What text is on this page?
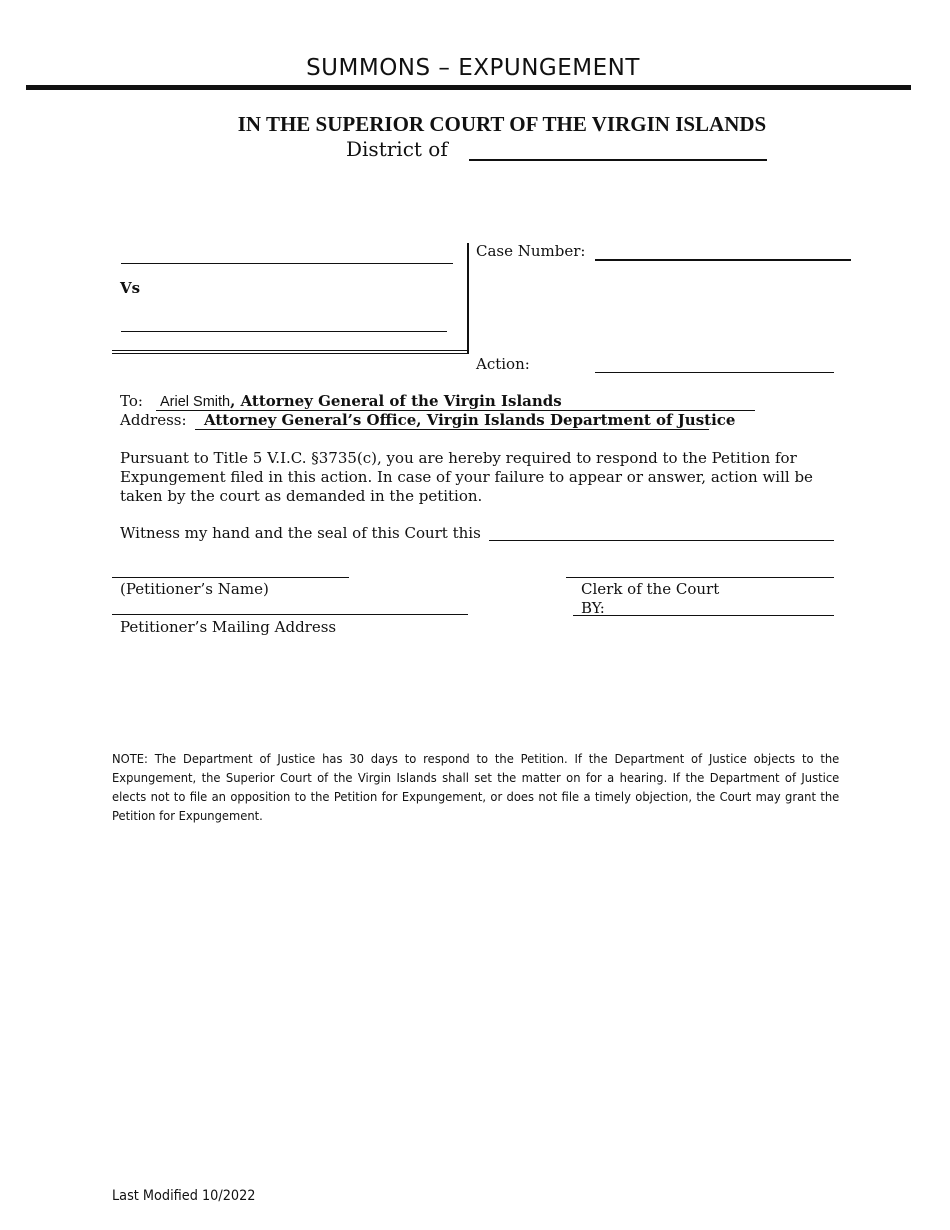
SUMMONS – EXPUNGEMENT
IN THE SUPERIOR COURT OF THE VIRGIN ISLANDS
District of
Vs
Case Number:
Action:
To: Ariel Smith, Attorney General of the Virgin Islands
Address: Attorney General’s Office, Virgin Islands Department of Justice
Pursuant to Title 5 V.I.C. §3735(c), you are hereby required to respond to the Petition for Expungement filed in this action. In case of your failure to appear or answer, action will be taken by the court as demanded in the petition.
Witness my hand and the seal of this Court this
(Petitioner’s Name)
Petitioner’s Mailing Address
Clerk of the Court
BY:
NOTE: The Department of Justice has 30 days to respond to the Petition. If the Department of Justice objects to the Expungement, the Superior Court of the Virgin Islands shall set the matter on for a hearing. If the Department of Justice elects not to file an opposition to the Petition for Expungement, or does not file a timely objection, the Court may grant the Petition for Expungement.
Last Modified 10/2022
